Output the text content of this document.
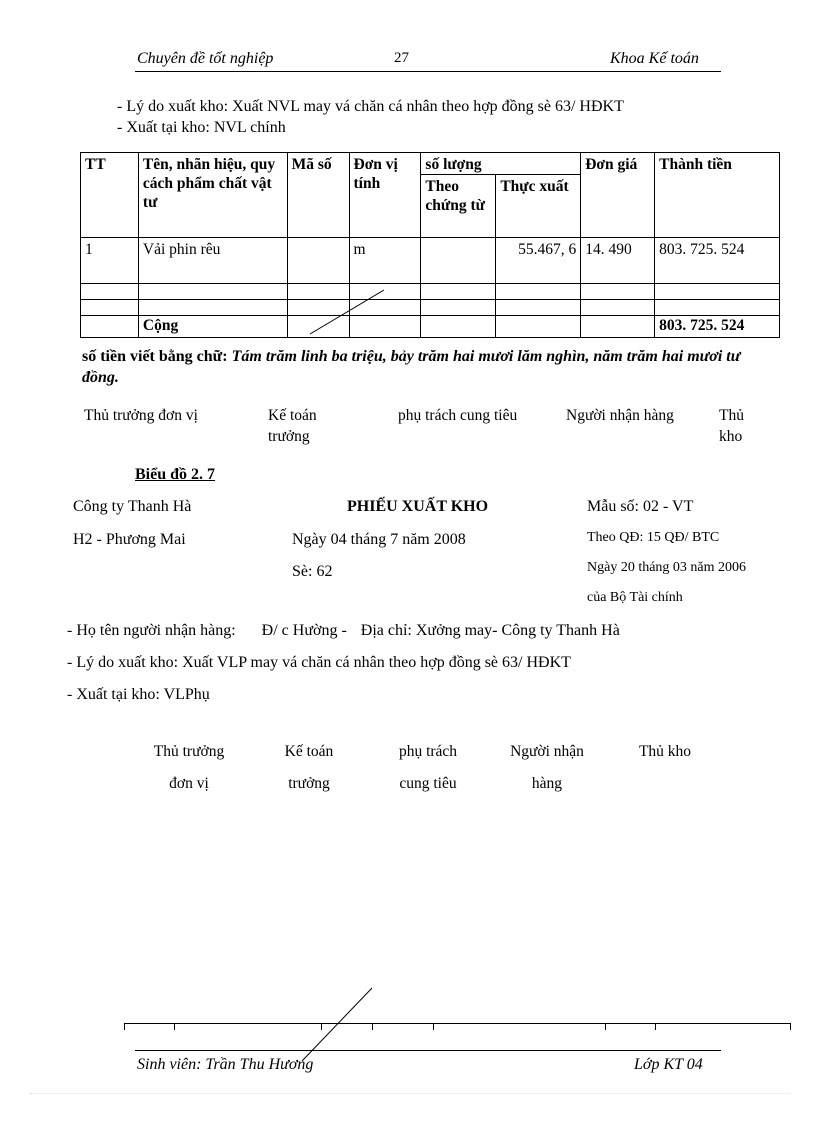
Chuyên đề tốt nghiệp	27	Khoa Kế toán
- Lý do xuất kho: Xuất NVL may vá chăn cá nhân theo hợp đồng sè 63/ HĐKT
- Xuất tại kho: NVL chính
TT	Tên, nhãn hiệu, quy cách phẩm chất vật tư	Mã số	Đơn vị tính	số lượng		Đơn giá	Thành tiền
				Theo chứng từ	Thực xuất		
1	Vải phin rêu		m		55.467, 6	14. 490	803. 725. 524

	Cộng						803. 725. 524
số tiền viết bằng chữ: Tám trăm linh ba triệu, bảy trăm hai mươi lăm nghìn, năm trăm hai mươi tư đồng.
Thủ trưởng đơn vị	Kế toán trưởng
phụ trách cung tiêu	Người nhận hàng	Thủ kho
Biểu đồ 2. 7
Công ty Thanh Hà
H2 - Phương Mai
PHIẾU XUẤT KHO
Ngày 04 tháng 7 năm 2008
Sè: 62
Mẫu số: 02 - VT
Theo QĐ: 15 QĐ/ BTC
Ngày 20 tháng 03 năm 2006
của Bộ Tài chính
- Họ tên người nhận hàng: Đ/ c Hường - Địa chỉ: Xưởng may- Công ty Thanh Hà
- Lý do xuất kho: Xuất VLP may vá chăn cá nhân theo hợp đồng sè 63/ HĐKT
- Xuất tại kho: VLPhụ
Thủ trưởng
đơn vị
Kế toán
trưởng
phụ trách
cung tiêu
Người nhận
hàng
Thủ kho
Sinh viên: Trần Thu Hương	Lớp KT 04
